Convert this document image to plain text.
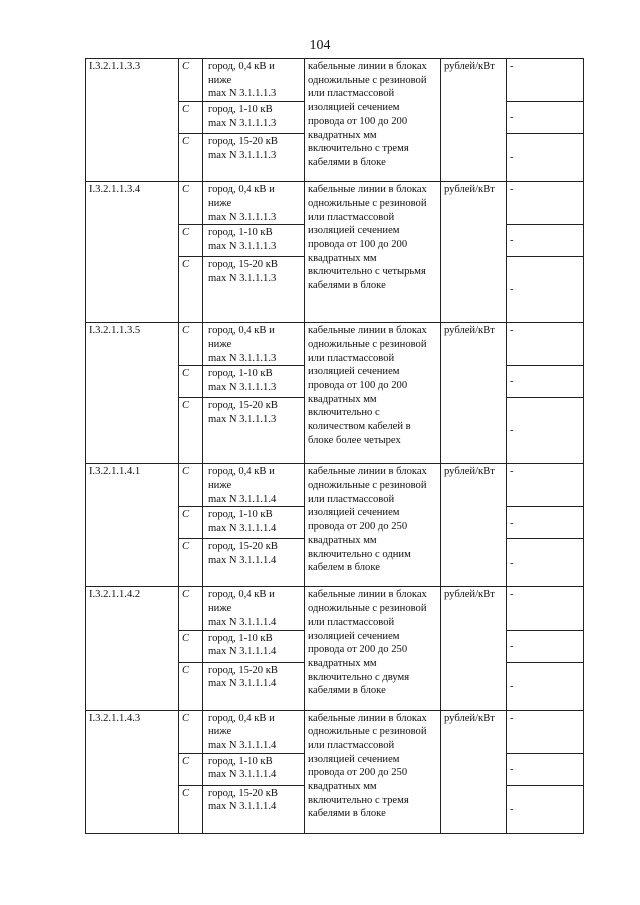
104
I.3.2.1.1.3.3	C	город, 0,4 кВ и
ниже
max N 3.1.1.1.3	кабельные линии в блоках одножильные с резиновой или пластмассовой изоляцией сечением провода от 100 до 200 квадратных мм включительно с тремя кабелями в блоке	рублей/кВт	-
	C	город, 1-10 кВ
max N 3.1.1.1.3			-
	C	город, 15-20 кВ
max N 3.1.1.1.3			-
I.3.2.1.1.3.4	C	город, 0,4 кВ и
ниже
max N 3.1.1.1.3	кабельные линии в блоках одножильные с резиновой или пластмассовой изоляцией сечением провода от 100 до 200 квадратных мм включительно с четырьмя кабелями в блоке	рублей/кВт	-
	C	город, 1-10 кВ
max N 3.1.1.1.3			-
	C	город, 15-20 кВ
max N 3.1.1.1.3			-
I.3.2.1.1.3.5	C	город, 0,4 кВ и
ниже
max N 3.1.1.1.3	кабельные линии в блоках одножильные с резиновой или пластмассовой изоляцией сечением провода от 100 до 200 квадратных мм включительно с количеством кабелей в блоке более четырех	рублей/кВт	-
	C	город, 1-10 кВ
max N 3.1.1.1.3			-
	C	город, 15-20 кВ
max N 3.1.1.1.3			-
I.3.2.1.1.4.1	C	город, 0,4 кВ и
ниже
max N 3.1.1.1.4	кабельные линии в блоках одножильные с резиновой или пластмассовой изоляцией сечением провода от 200 до 250 квадратных мм включительно с одним кабелем в блоке	рублей/кВт	-
	C	город, 1-10 кВ
max N 3.1.1.1.4			-
	C	город, 15-20 кВ
max N 3.1.1.1.4			-
I.3.2.1.1.4.2	C	город, 0,4 кВ и
ниже
max N 3.1.1.1.4	кабельные линии в блоках одножильные с резиновой или пластмассовой изоляцией сечением провода от 200 до 250 квадратных мм включительно с двумя кабелями в блоке	рублей/кВт	-
	C	город, 1-10 кВ
max N 3.1.1.1.4			-
	C	город, 15-20 кВ
max N 3.1.1.1.4			-
I.3.2.1.1.4.3	C	город, 0,4 кВ и
ниже
max N 3.1.1.1.4	кабельные линии в блоках одножильные с резиновой или пластмассовой изоляцией сечением провода от 200 до 250 квадратных мм включительно с тремя кабелями в блоке	рублей/кВт	-
	C	город, 1-10 кВ
max N 3.1.1.1.4			-
	C	город, 15-20 кВ
max N 3.1.1.1.4			-
